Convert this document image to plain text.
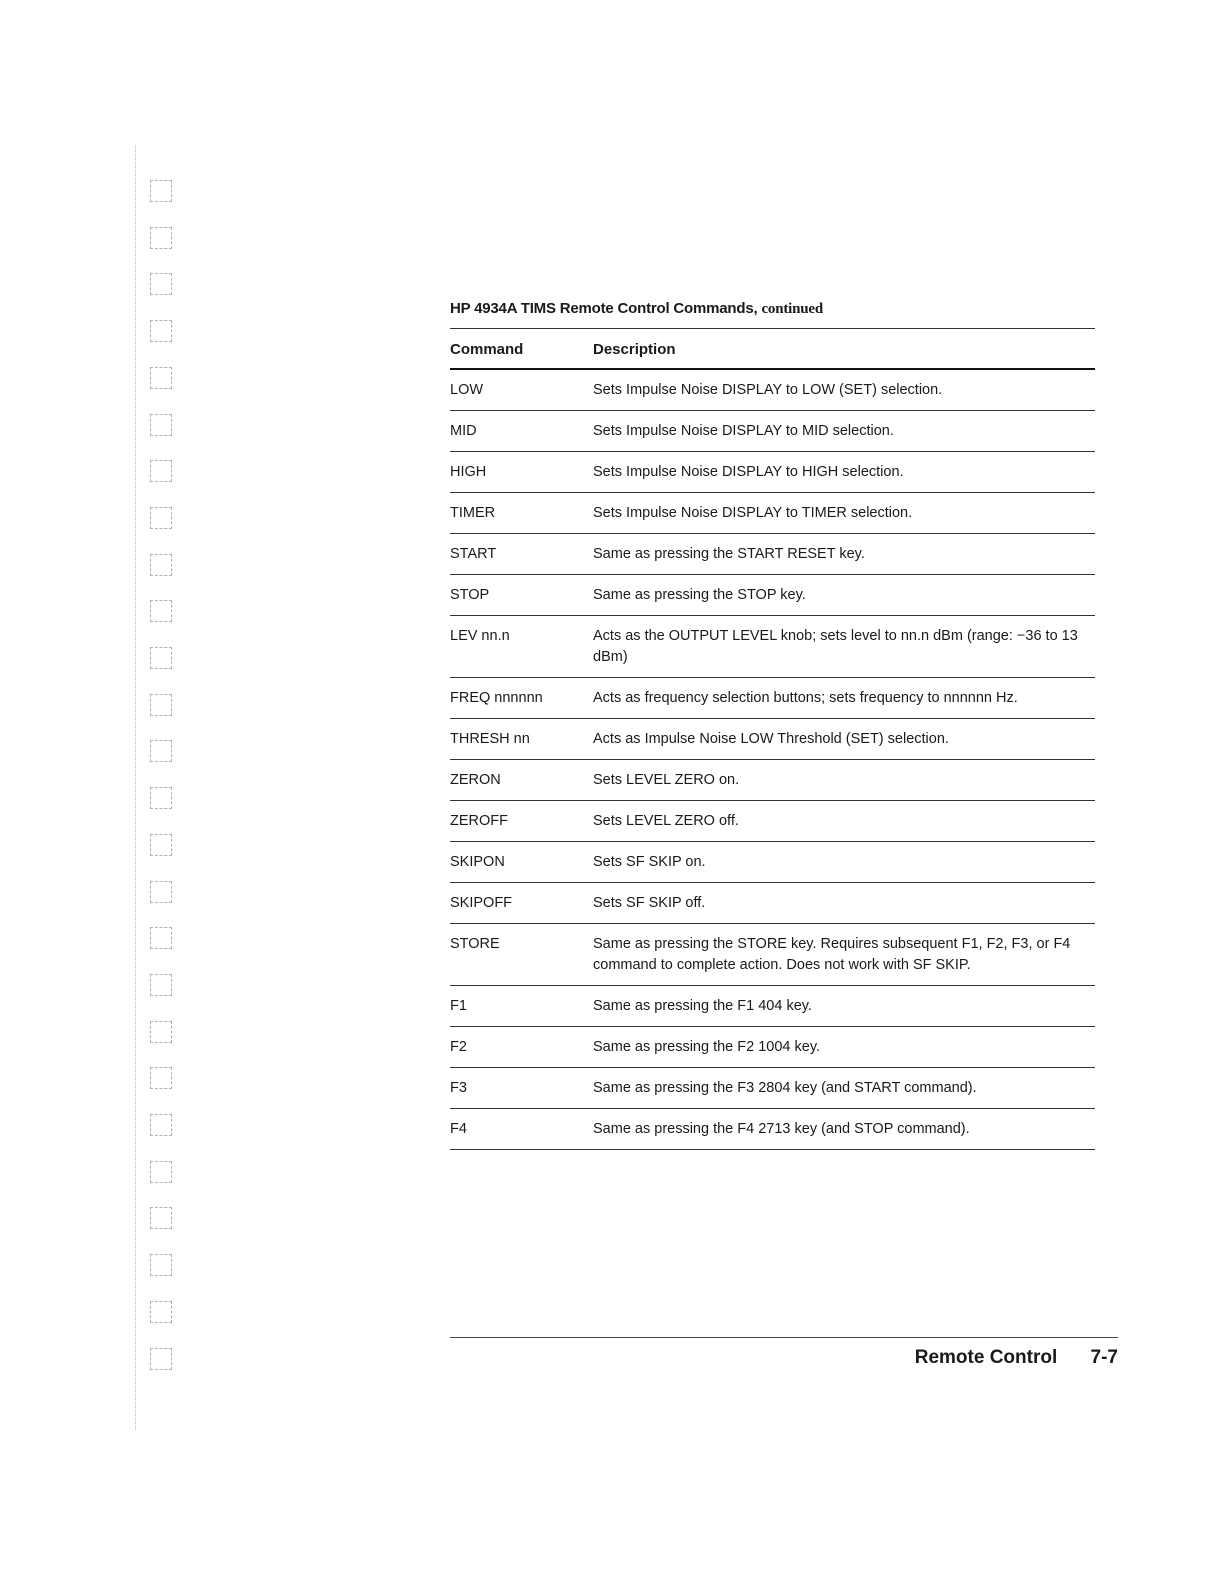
HP 4934A TIMS Remote Control Commands, continued
Command	Description
LOW	Sets Impulse Noise DISPLAY to LOW (SET) selection.
MID	Sets Impulse Noise DISPLAY to MID selection.
HIGH	Sets Impulse Noise DISPLAY to HIGH selection.
TIMER	Sets Impulse Noise DISPLAY to TIMER selection.
START	Same as pressing the START RESET key.
STOP	Same as pressing the STOP key.
LEV nn.n	Acts as the OUTPUT LEVEL knob; sets level to nn.n dBm (range: −36 to 13 dBm)
FREQ nnnnnn	Acts as frequency selection buttons; sets frequency to nnnnnn Hz.
THRESH nn	Acts as Impulse Noise LOW Threshold (SET) selection.
ZERON	Sets LEVEL ZERO on.
ZEROFF	Sets LEVEL ZERO off.
SKIPON	Sets SF SKIP on.
SKIPOFF	Sets SF SKIP off.
STORE	Same as pressing the STORE key. Requires subsequent F1, F2, F3, or F4 command to complete action. Does not work with SF SKIP.
F1	Same as pressing the F1 404 key.
F2	Same as pressing the F2 1004 key.
F3	Same as pressing the F3 2804 key (and START command).
F4	Same as pressing the F4 2713 key (and STOP command).
Remote Control 7-7
